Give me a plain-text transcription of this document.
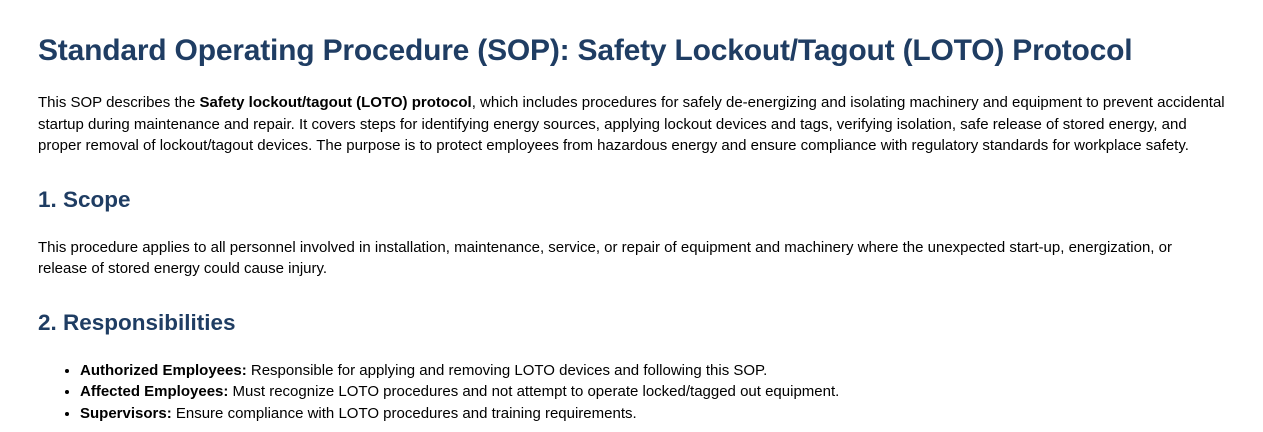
Standard Operating Procedure (SOP): Safety Lockout/Tagout (LOTO) Protocol

This SOP describes the Safety lockout/tagout (LOTO) protocol, which includes procedures for safely de-energizing and isolating machinery and equipment to prevent accidental startup during maintenance and repair. It covers steps for identifying energy sources, applying lockout devices and tags, verifying isolation, safe release of stored energy, and proper removal of lockout/tagout devices. The purpose is to protect employees from hazardous energy and ensure compliance with regulatory standards for workplace safety.

1. Scope

This procedure applies to all personnel involved in installation, maintenance, service, or repair of equipment and machinery where the unexpected start-up, energization, or release of stored energy could cause injury.

2. Responsibilities
• Authorized Employees: Responsible for applying and removing LOTO devices and following this SOP.
• Affected Employees: Must recognize LOTO procedures and not attempt to operate locked/tagged out equipment.
• Supervisors: Ensure compliance with LOTO procedures and training requirements.
